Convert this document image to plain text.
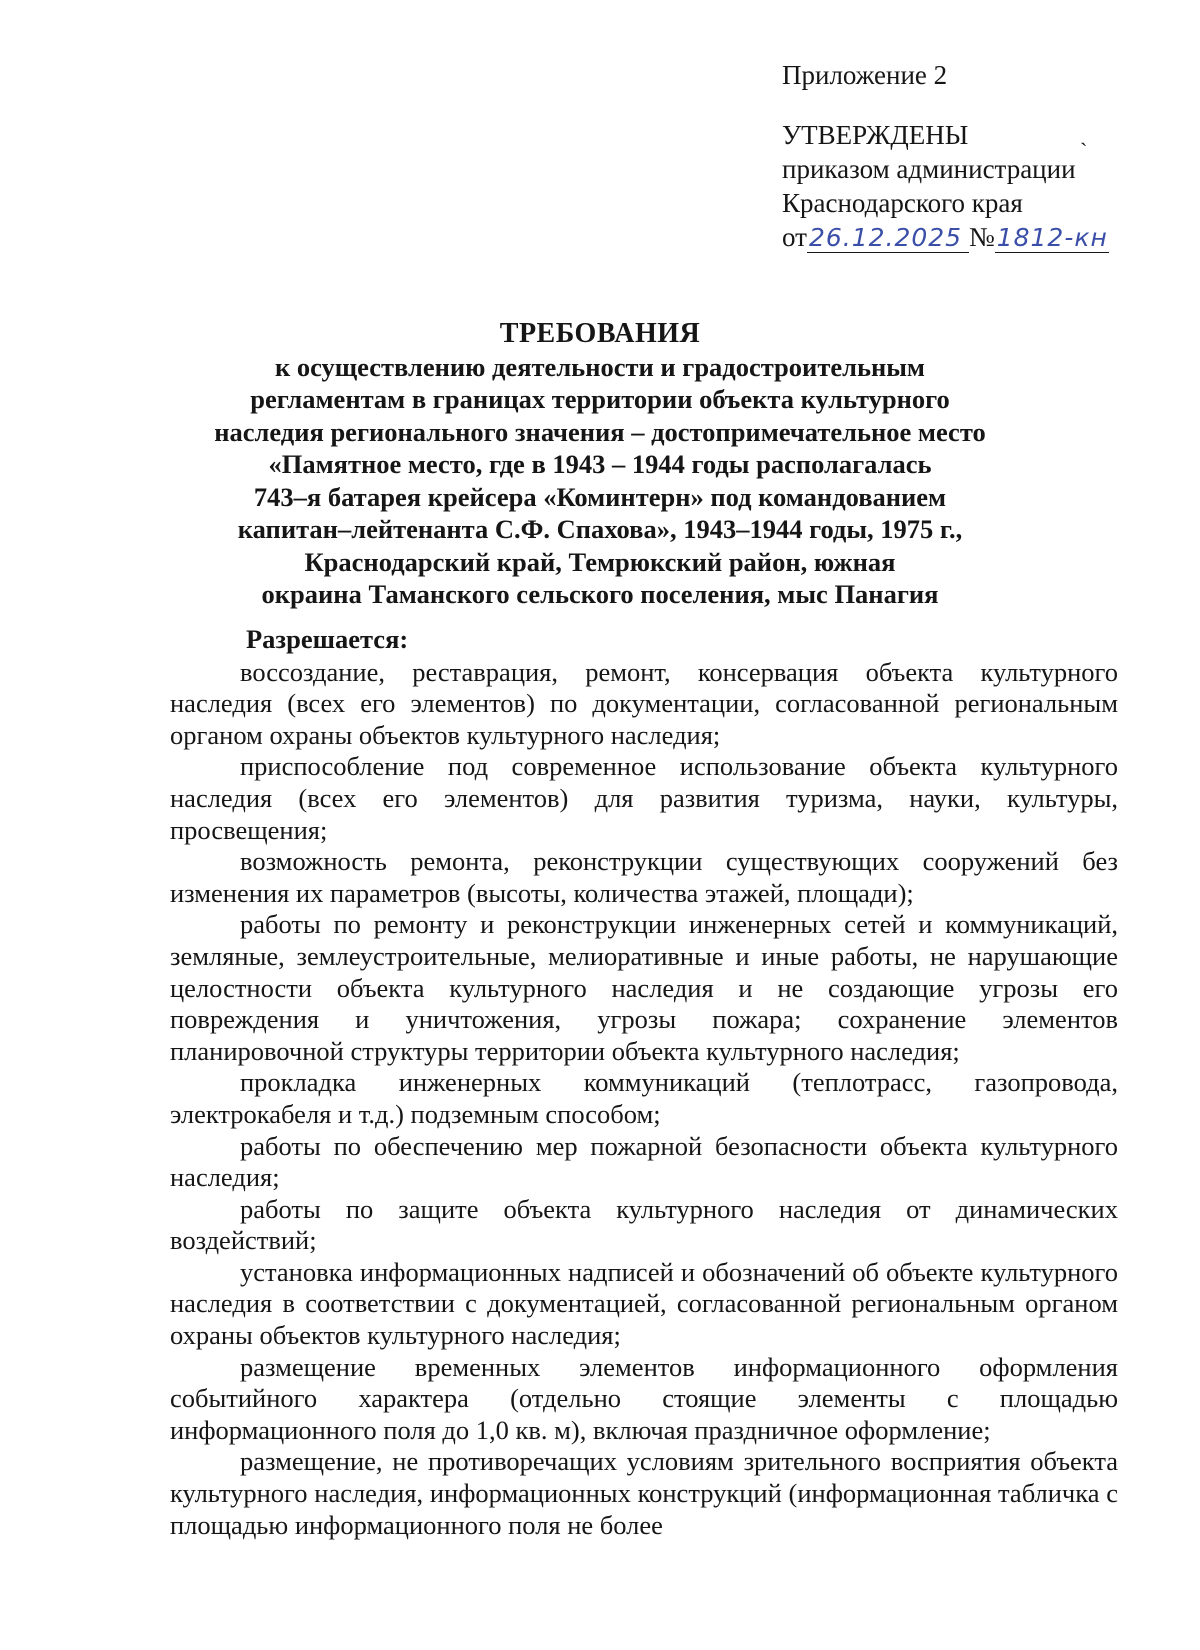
Приложение 2
УТВЕРЖДЕНЫ
приказом администрации
Краснодарского края
от26.12.2025 №1812-кн
`
ТРЕБОВАНИЯ
к осуществлению деятельности и градостроительным
регламентам в границах территории объекта культурного
наследия регионального значения – достопримечательное место
«Памятное место, где в 1943 – 1944 годы располагалась
743–я батарея крейсера «Коминтерн» под командованием
капитан–лейтенанта С.Ф. Спахова», 1943–1944 годы, 1975 г.,
Краснодарский край, Темрюкский район, южная
окраина Таманского сельского поселения, мыс Панагия
Разрешается:

воссоздание, реставрация, ремонт, консервация объекта культурного наследия (всех его элементов) по документации, согласованной региональным органом охраны объектов культурного наследия;

приспособление под современное использование объекта культурного наследия (всех его элементов) для развития туризма, науки, культуры, просвещения;

возможность ремонта, реконструкции существующих сооружений без изменения их параметров (высоты, количества этажей, площади);

работы по ремонту и реконструкции инженерных сетей и коммуникаций, земляные, землеустроительные, мелиоративные и иные работы, не нарушающие целостности объекта культурного наследия и не создающие угрозы его повреждения и уничтожения, угрозы пожара; сохранение элементов планировочной структуры территории объекта культурного наследия;

прокладка инженерных коммуникаций (теплотрасс, газопровода, электрокабеля и т.д.) подземным способом;

работы по обеспечению мер пожарной безопасности объекта культурного наследия;

работы по защите объекта культурного наследия от динамических воздействий;

установка информационных надписей и обозначений об объекте культурного наследия в соответствии с документацией, согласованной региональным органом охраны объектов культурного наследия;

размещение временных элементов информационного оформления событийного характера (отдельно стоящие элементы с площадью информационного поля до 1,0 кв. м), включая праздничное оформление;

размещение, не противоречащих условиям зрительного восприятия объекта культурного наследия, информационных конструкций (информационная табличка с площадью информационного поля не более
